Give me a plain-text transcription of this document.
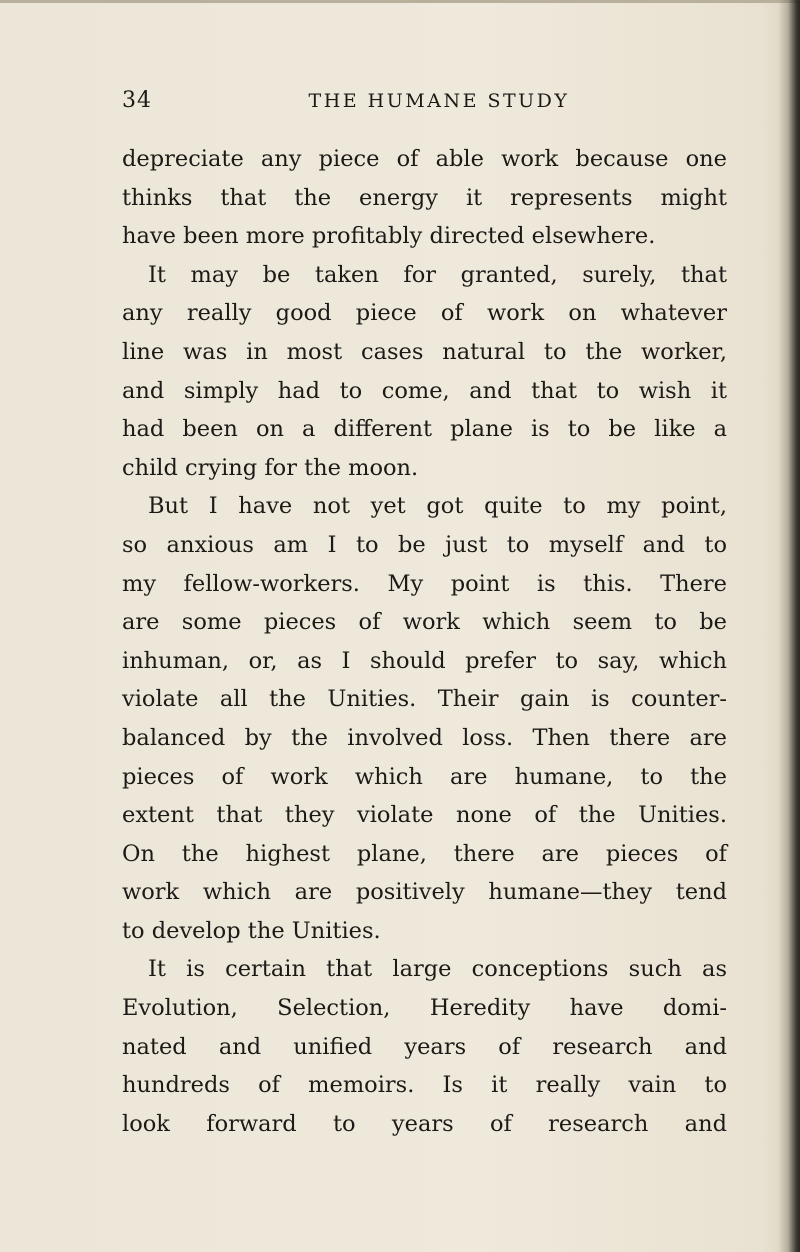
34	THE HUMANE STUDY
depreciate any piece of able work because one
thinks that the energy it represents might
have been more profitably directed elsewhere.
It may be taken for granted, surely, that
any really good piece of work on whatever
line was in most cases natural to the worker,
and simply had to come, and that to wish it
had been on a different plane is to be like a
child crying for the moon.
But I have not yet got quite to my point,
so anxious am I to be just to myself and to
my fellow-workers. My point is this. There
are some pieces of work which seem to be
inhuman, or, as I should prefer to say, which
violate all the Unities. Their gain is counter-
balanced by the involved loss. Then there are
pieces of work which are humane, to the
extent that they violate none of the Unities.
On the highest plane, there are pieces of
work which are positively humane—they tend
to develop the Unities.
It is certain that large conceptions such as
Evolution, Selection, Heredity have domi-
nated and unified years of research and
hundreds of memoirs. Is it really vain to
look forward to years of research and
